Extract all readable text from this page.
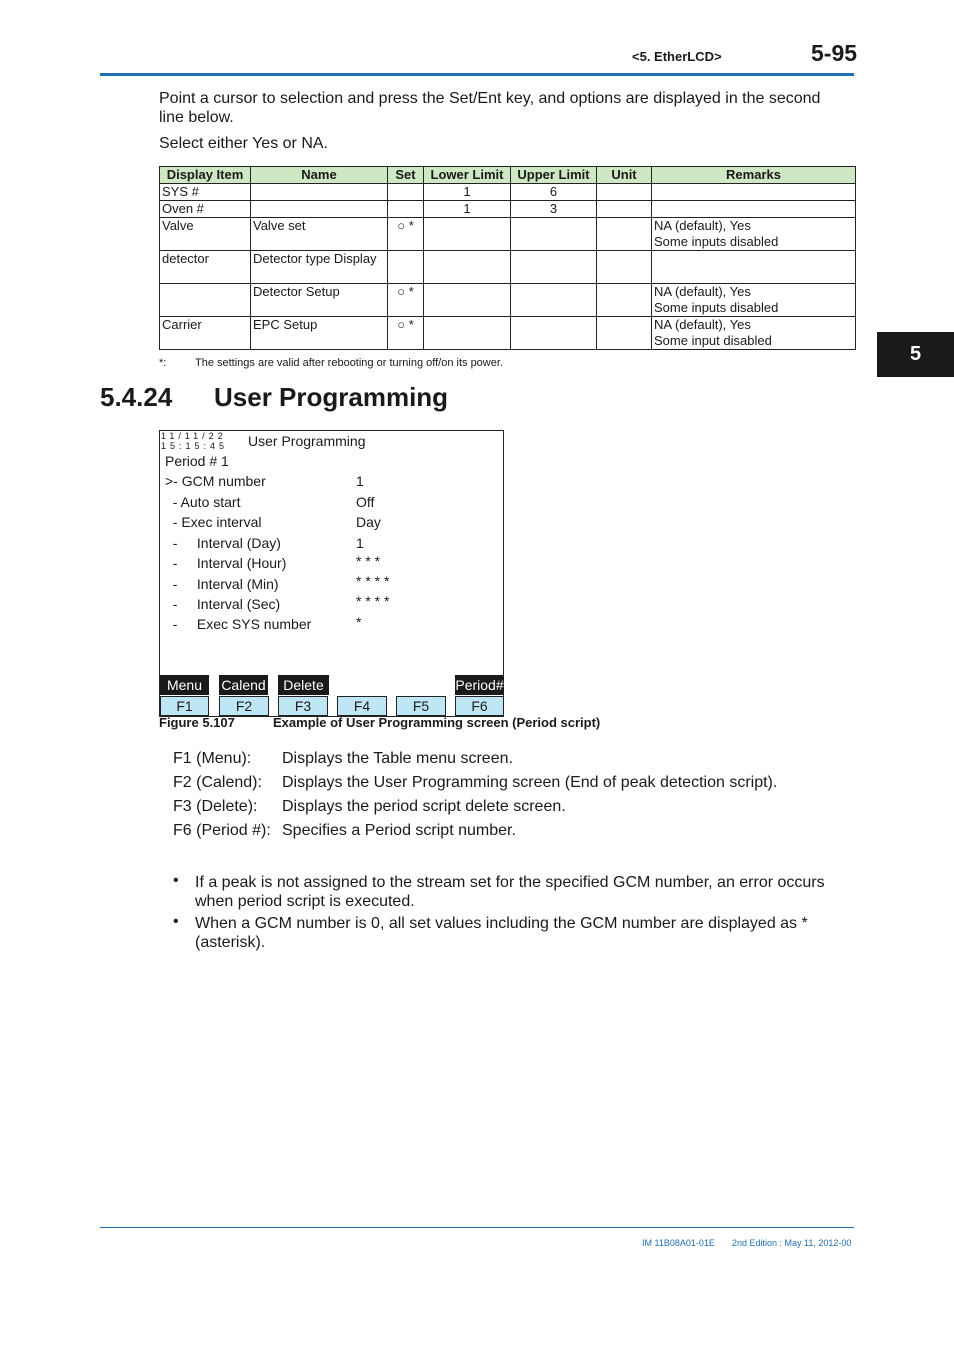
<5. EtherLCD>	5-95
Point a cursor to selection and press the Set/Ent key, and options are displayed in the second line below.
Select either Yes or NA.
Display Item	Name	Set	Lower Limit	Upper Limit	Unit	Remarks
SYS #			1	6		

Oven #			1	3		

Valve	Valve set	○ *				NA (default), Yes
Some inputs disabled

detector	Detector type Display					

	Detector Setup	○ *				NA (default), Yes
Some inputs disabled

Carrier	EPC Setup	○ *				NA (default), Yes
Some input disabled
*:	The settings are valid after rebooting or turning off/on its power.	5
5.4.24 User Programming
11/11/22
15:15:45 User Programming
Period # 1
>- GCM number	1
- Auto start	Off
- Exec interval	Day
-     Interval (Day)	1
-     Interval (Hour)	* * *
-     Interval (Min)	* * * *
-     Interval (Sec)	* * * *
-     Exec SYS number	*
Menu	Calend	Delete	Period#
F1	F2	F3	F4	F5	F6
Figure 5.107	Example of User Programming screen (Period script)
F1 (Menu): Displays the Table menu screen.
F2 (Calend): Displays the User Programming screen (End of peak detection script).
F3 (Delete): Displays the period script delete screen.
F6 (Period #): Specifies a Period script number.
• If a peak is not assigned to the stream set for the specified GCM number, an error occurs when period script is executed.
• When a GCM number is 0, all set values including the GCM number are displayed as * (asterisk).
IM 11B08A01-01E 2nd Edition : May 11, 2012-00
